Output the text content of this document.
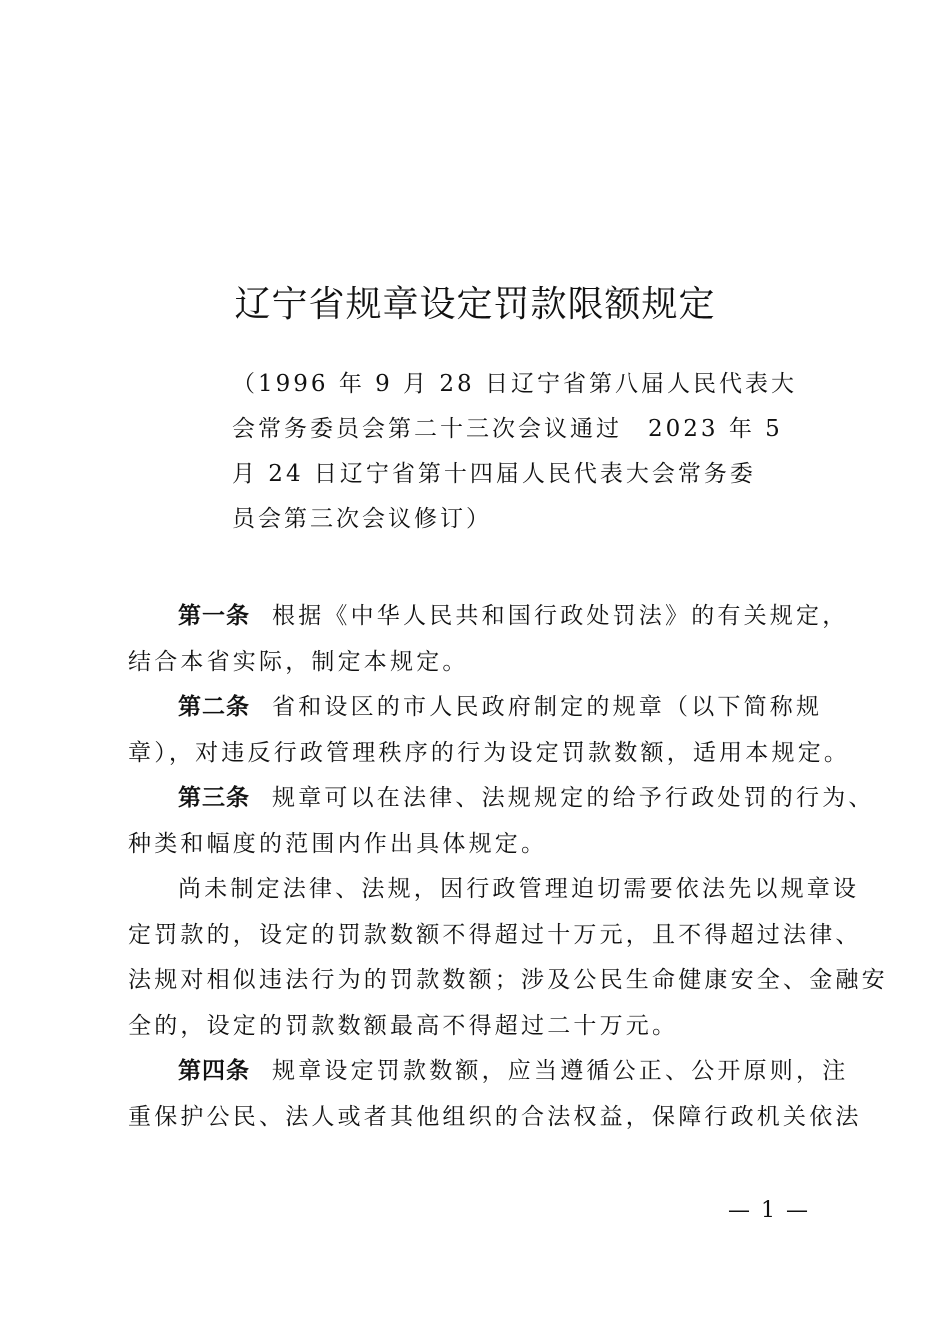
辽宁省规章设定罚款限额规定
（1996 年 9 月 28 日辽宁省第八届人民代表大
会常务委员会第二十三次会议通过　2023 年 5
月 24 日辽宁省第十四届人民代表大会常务委
员会第三次会议修订）
第一条 根据《中华人民共和国行政处罚法》的有关规定，
结合本省实际，制定本规定。
第二条 省和设区的市人民政府制定的规章（以下简称规
章），对违反行政管理秩序的行为设定罚款数额，适用本规定。
第三条 规章可以在法律、法规规定的给予行政处罚的行为、
种类和幅度的范围内作出具体规定。
尚未制定法律、法规，因行政管理迫切需要依法先以规章设
定罚款的，设定的罚款数额不得超过十万元，且不得超过法律、
法规对相似违法行为的罚款数额；涉及公民生命健康安全、金融安
全的，设定的罚款数额最高不得超过二十万元。
第四条 规章设定罚款数额，应当遵循公正、公开原则，注
重保护公民、法人或者其他组织的合法权益，保障行政机关依法
— 1 —
